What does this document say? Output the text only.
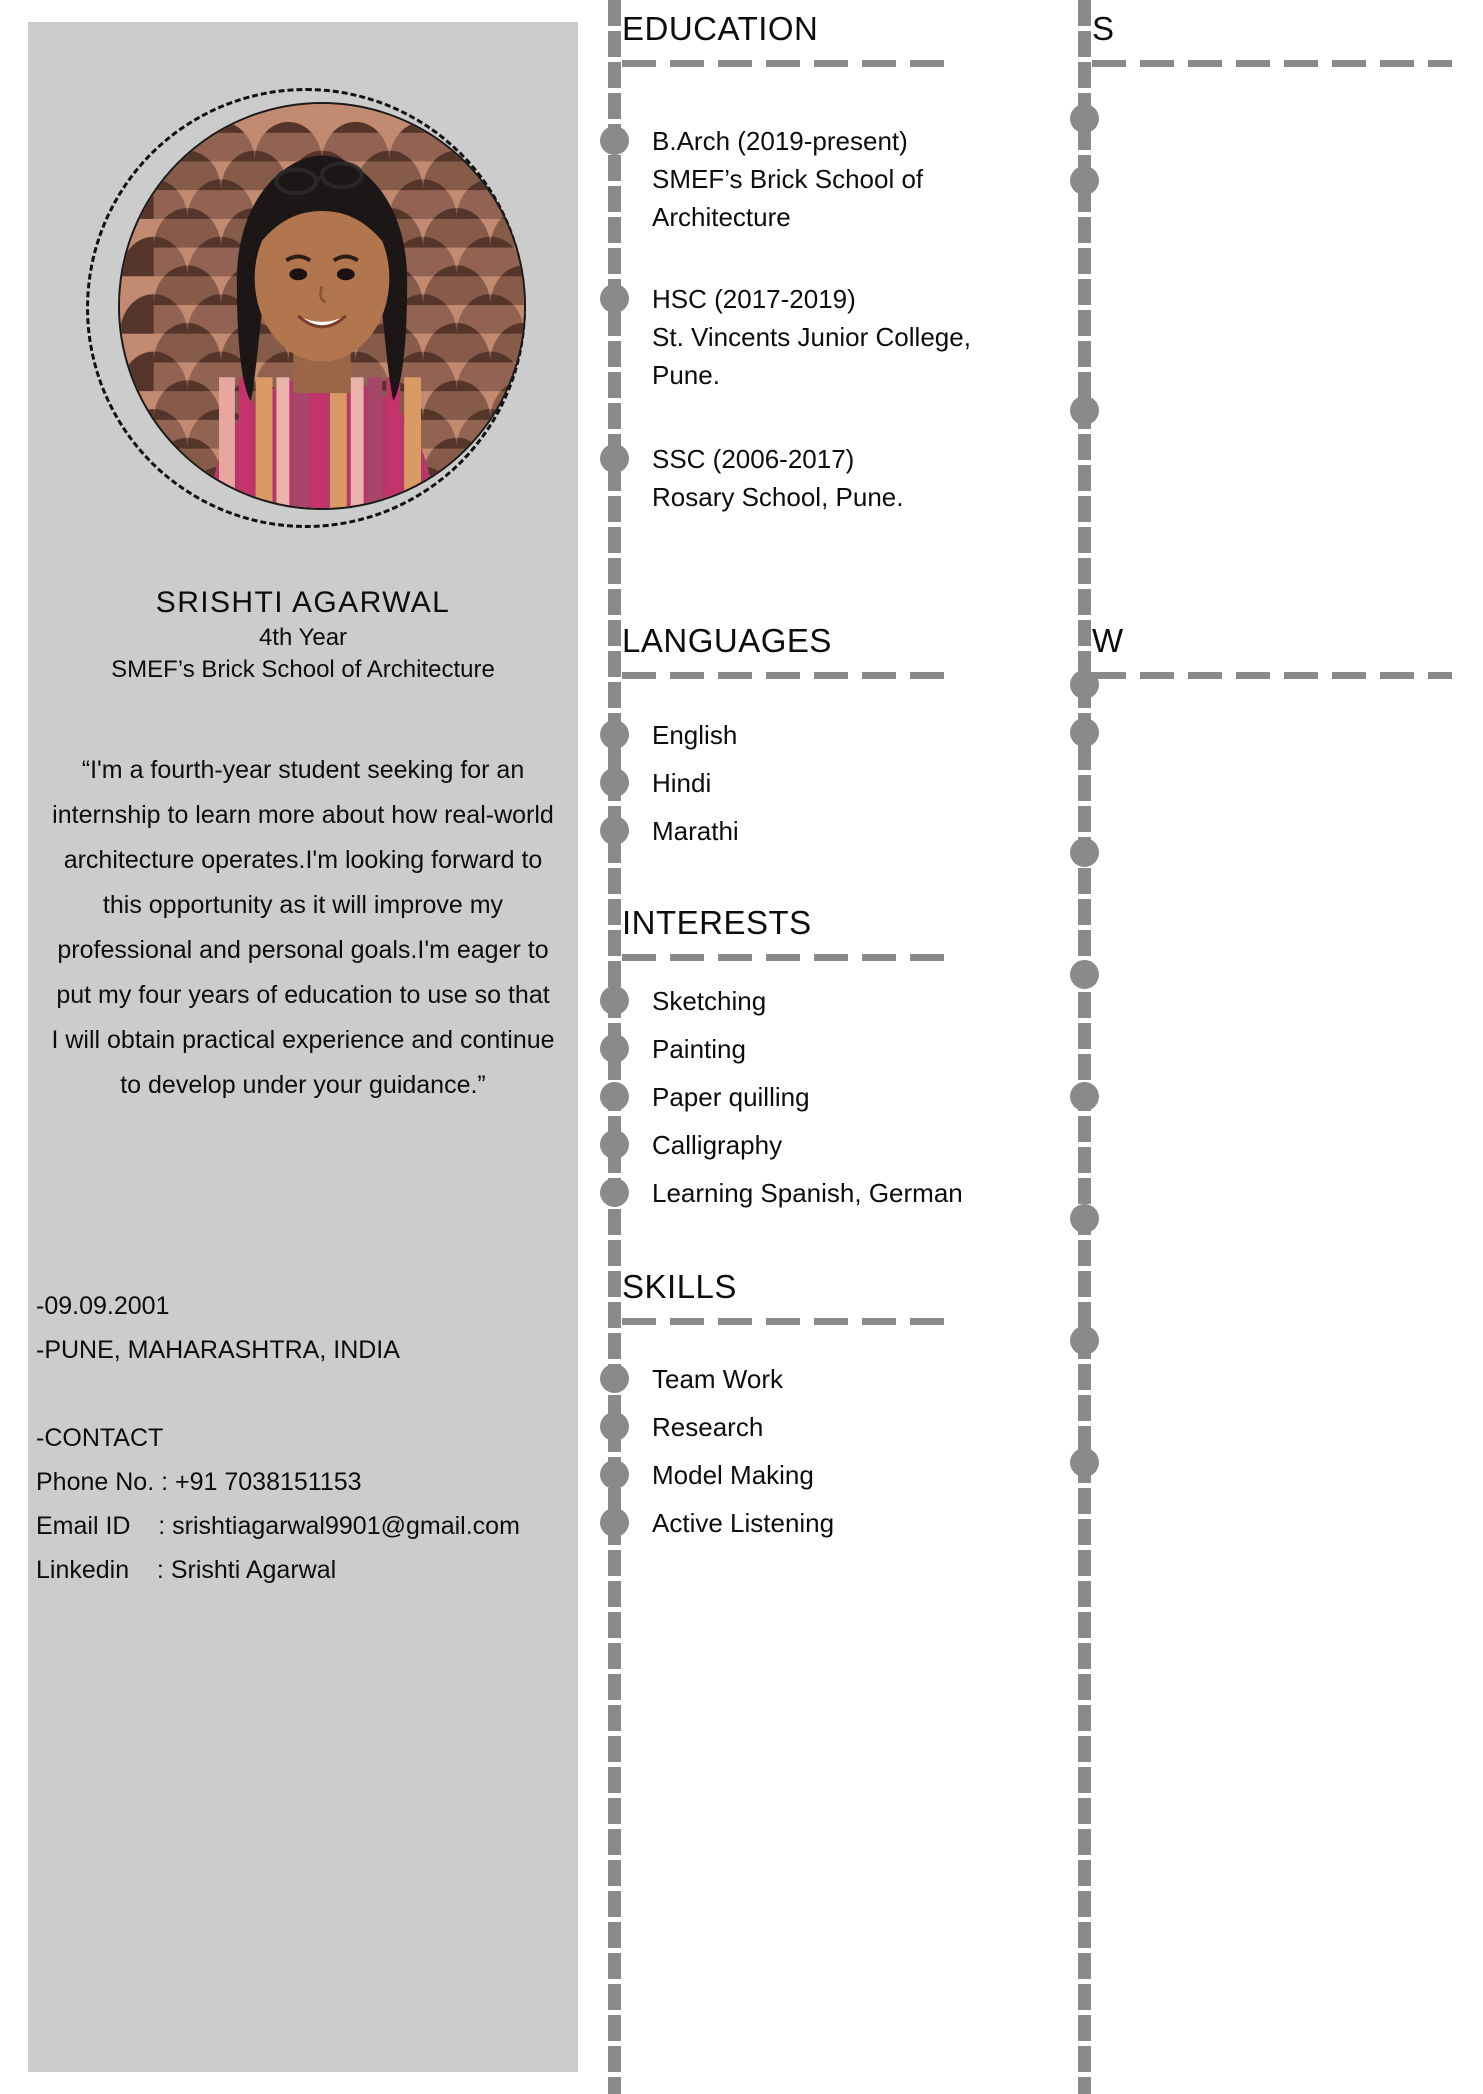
SRISHTI AGARWAL
4th Year
SMEF’s Brick School of Architecture
“I'm a fourth-year student seeking for an internship to learn more about how real-world architecture operates.I'm looking forward to this opportunity as it will improve my professional and personal goals.I'm eager to put my four years of education to use so that I will obtain practical experience and continue to develop under your guidance.”
-09.09.2001
-PUNE, MAHARASHTRA, INDIA
-CONTACT
Phone No. : +91 7038151153
Email ID    : srishtiagarwal9901@gmail.com
Linkedin    : Srishti Agarwal
EDUCATION
B.Arch (2019-present)
SMEF’s Brick School of
Architecture
HSC (2017-2019)
St. Vincents Junior College,
Pune.
SSC (2006-2017)
Rosary School, Pune.
LANGUAGES
English
Hindi
Marathi
INTERESTS
Sketching
Painting
Paper quilling
Calligraphy
Learning Spanish, German
SKILLS
Team Work
Research
Model Making
Active Listening
S
W
